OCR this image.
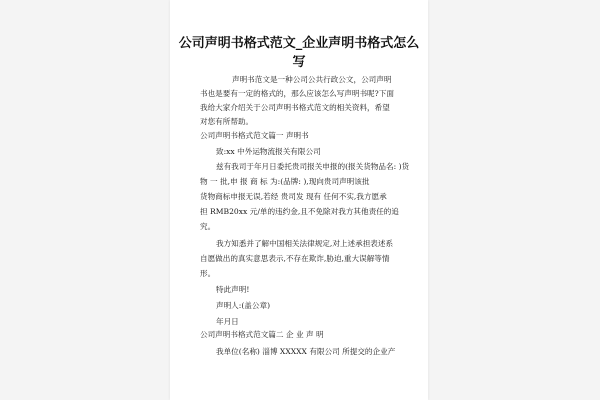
公司声明书格式范文_企业声明书格式怎么
写
声明书范文是一种公司公共行政公文，公司声明
书也是要有一定的格式的，那么应该怎么写声明书呢?下面
我给大家介绍关于公司声明书格式范文的相关资料，希望
对您有所帮助。
公司声明书格式范文篇一 声明书
致:xx 中外运物流报关有限公司
兹有我司于年月日委托贵司报关申报的(报关货物品名: )货
物 一 批,申 报 商 标 为:(品牌: ),现向贵司声明该批
货物商标申报无误,若经 贵司发 现有 任何不实,我方愿承
担 RMB20xx 元/单的违约金,且不免除对我方其他责任的追
究。
我方知悉并了解中国相关法律规定,对上述承担表述系
自愿做出的真实意思表示,不存在欺诈,胁迫,重大误解等情
形。
特此声明!
声明人:(盖公章)
年月日
公司声明书格式范文篇二 企 业 声 明
我单位(名称) 淄博 XXXXX 有限公司 所提交的企业产
